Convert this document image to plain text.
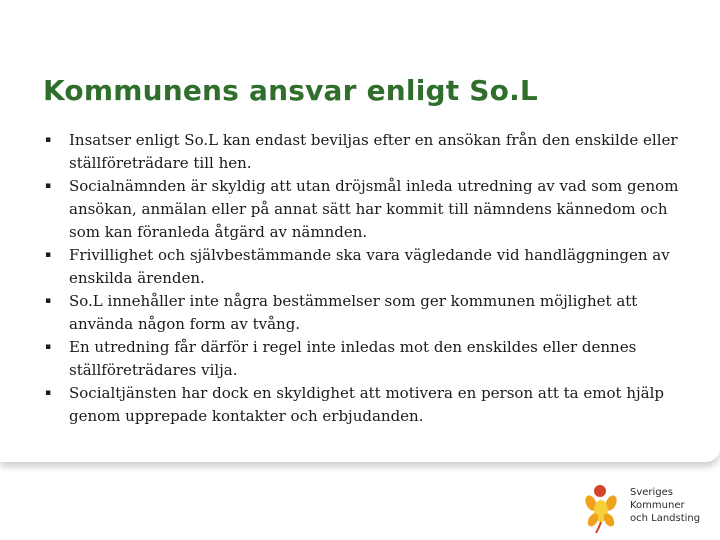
Kommunens ansvar enligt So.L
▪ Insatser enligt So.L kan endast beviljas efter en ansökan från den enskilde eller ställföreträdare till hen.
▪ Socialnämnden är skyldig att utan dröjsmål inleda utredning av vad som genom ansökan, anmälan eller på annat sätt har kommit till nämndens kännedom och som kan föranleda åtgärd av nämnden.
▪ Frivillighet och självbestämmande ska vara vägledande vid handläggningen av enskilda ärenden.
▪ So.L innehåller inte några bestämmelser som ger kommunen möjlighet att använda någon form av tvång.
▪ En utredning får därför i regel inte inledas mot den enskildes eller dennes ställföreträdares vilja.
▪ Socialtjänsten har dock en skyldighet att motivera en person att ta emot hjälp genom upprepade kontakter och erbjudanden.
Sveriges
Kommuner
och Landsting
